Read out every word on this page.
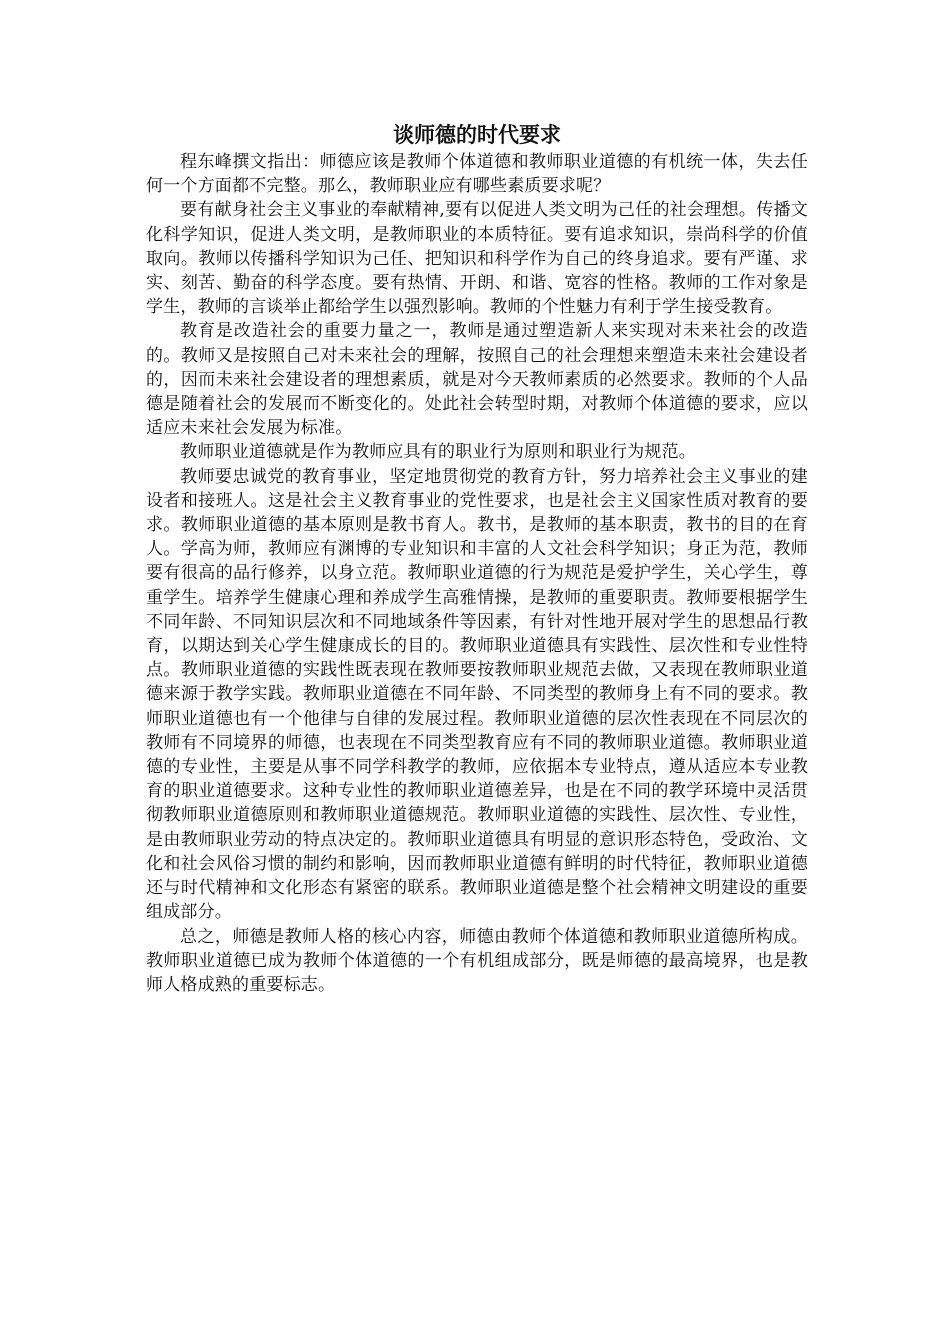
谈师德的时代要求

程东峰撰文指出：师德应该是教师个体道德和教师职业道德的有机统一体，失去任何一个方面都不完整。那么，教师职业应有哪些素质要求呢？

要有献身社会主义事业的奉献精神,要有以促进人类文明为己任的社会理想。传播文化科学知识，促进人类文明，是教师职业的本质特征。要有追求知识，崇尚科学的价值取向。教师以传播科学知识为己任、把知识和科学作为自己的终身追求。要有严谨、求实、刻苦、勤奋的科学态度。要有热情、开朗、和谐、宽容的性格。教师的工作对象是学生，教师的言谈举止都给学生以强烈影响。教师的个性魅力有利于学生接受教育。

教育是改造社会的重要力量之一，教师是通过塑造新人来实现对未来社会的改造的。教师又是按照自己对未来社会的理解，按照自己的社会理想来塑造未来社会建设者的，因而未来社会建设者的理想素质，就是对今天教师素质的必然要求。教师的个人品德是随着社会的发展而不断变化的。处此社会转型时期，对教师个体道德的要求，应以适应未来社会发展为标准。

教师职业道德就是作为教师应具有的职业行为原则和职业行为规范。

教师要忠诚党的教育事业，坚定地贯彻党的教育方针，努力培养社会主义事业的建设者和接班人。这是社会主义教育事业的党性要求，也是社会主义国家性质对教育的要求。教师职业道德的基本原则是教书育人。教书，是教师的基本职责，教书的目的在育人。学高为师，教师应有渊博的专业知识和丰富的人文社会科学知识；身正为范，教师要有很高的品行修养，以身立范。教师职业道德的行为规范是爱护学生，关心学生，尊重学生。培养学生健康心理和养成学生高雅情操，是教师的重要职责。教师要根据学生不同年龄、不同知识层次和不同地域条件等因素，有针对性地开展对学生的思想品行教育，以期达到关心学生健康成长的目的。教师职业道德具有实践性、层次性和专业性特点。教师职业道德的实践性既表现在教师要按教师职业规范去做，又表现在教师职业道德来源于教学实践。教师职业道德在不同年龄、不同类型的教师身上有不同的要求。教师职业道德也有一个他律与自律的发展过程。教师职业道德的层次性表现在不同层次的教师有不同境界的师德，也表现在不同类型教育应有不同的教师职业道德。教师职业道德的专业性，主要是从事不同学科教学的教师，应依据本专业特点，遵从适应本专业教育的职业道德要求。这种专业性的教师职业道德差异，也是在不同的教学环境中灵活贯彻教师职业道德原则和教师职业道德规范。教师职业道德的实践性、层次性、专业性，是由教师职业劳动的特点决定的。教师职业道德具有明显的意识形态特色，受政治、文化和社会风俗习惯的制约和影响，因而教师职业道德有鲜明的时代特征，教师职业道德还与时代精神和文化形态有紧密的联系。教师职业道德是整个社会精神文明建设的重要组成部分。

总之，师德是教师人格的核心内容，师德由教师个体道德和教师职业道德所构成。教师职业道德已成为教师个体道德的一个有机组成部分，既是师德的最高境界，也是教师人格成熟的重要标志。
